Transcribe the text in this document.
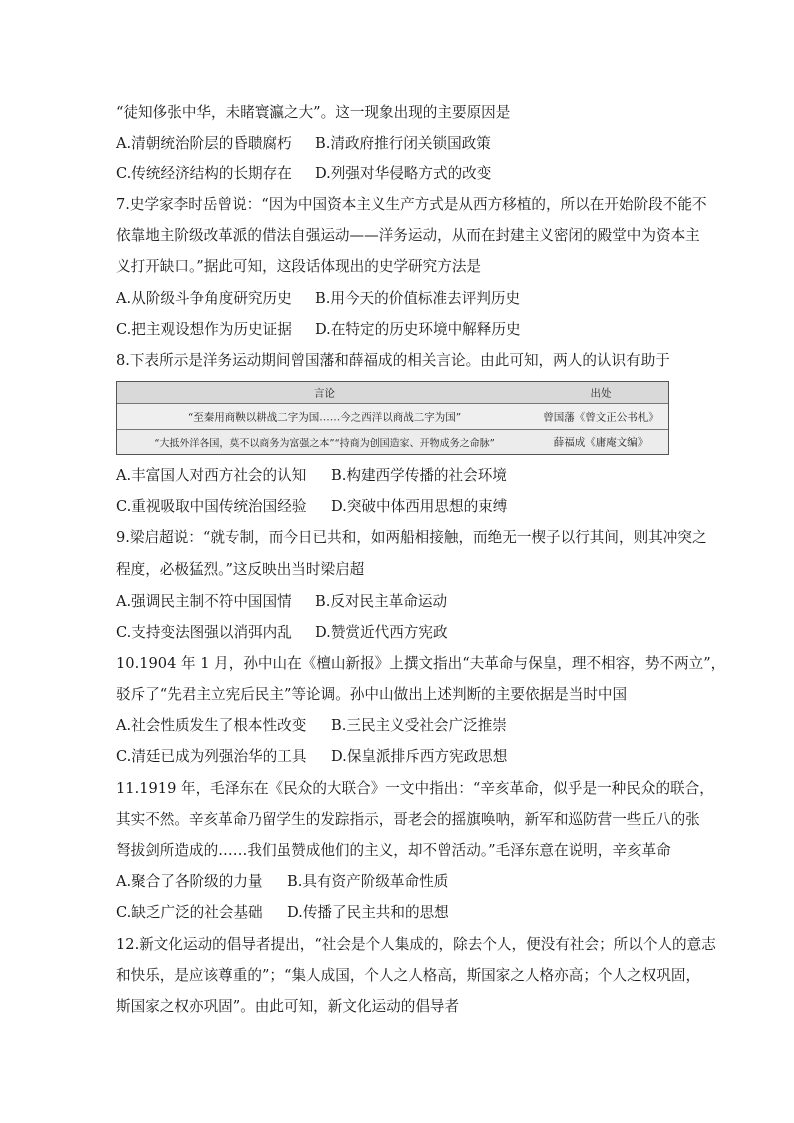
“徒知侈张中华，未睹寰瀛之大”。这一现象出现的主要原因是
A.清朝统治阶层的昏聩腐朽 B.清政府推行闭关锁国政策
C.传统经济结构的长期存在 D.列强对华侵略方式的改变
7.史学家李时岳曾说：“因为中国资本主义生产方式是从西方移植的，所以在开始阶段不能不
依靠地主阶级改革派的借法自强运动——洋务运动，从而在封建主义密闭的殿堂中为资本主
义打开缺口。”据此可知，这段话体现出的史学研究方法是
A.从阶级斗争角度研究历史 B.用今天的价值标准去评判历史
C.把主观设想作为历史证据 D.在特定的历史环境中解释历史
8.下表所示是洋务运动期间曾国藩和薛福成的相关言论。由此可知，两人的认识有助于
言论	出处
“至秦用商鞅以耕战二字为国……今之西洋以商战二字为国”	曾国藩《曾文正公书札》
“大抵外洋各国，莫不以商务为富强之本”“持商为创国造家、开物成务之命脉”	薛福成《庸庵文编》
A.丰富国人对西方社会的认知 B.构建西学传播的社会环境
C.重视吸取中国传统治国经验 D.突破中体西用思想的束缚
9.梁启超说：“就专制，而今日已共和，如两船相接触，而绝无一楔子以行其间，则其冲突之
程度，必极猛烈。”这反映出当时梁启超
A.强调民主制不符中国国情 B.反对民主革命运动
C.支持变法图强以消弭内乱 D.赞赏近代西方宪政
10.1904 年 1 月，孙中山在《檀山新报》上撰文指出“夫革命与保皇，理不相容，势不两立”，
驳斥了“先君主立宪后民主”等论调。孙中山做出上述判断的主要依据是当时中国
A.社会性质发生了根本性改变 B.三民主义受社会广泛推崇
C.清廷已成为列强治华的工具 D.保皇派排斥西方宪政思想
11.1919 年，毛泽东在《民众的大联合》一文中指出：“辛亥革命，似乎是一种民众的联合，
其实不然。辛亥革命乃留学生的发踪指示，哥老会的摇旗唤呐，新军和巡防营一些丘八的张
弩拔剑所造成的……我们虽赞成他们的主义，却不曾活动。”毛泽东意在说明，辛亥革命
A.聚合了各阶级的力量 B.具有资产阶级革命性质
C.缺乏广泛的社会基础 D.传播了民主共和的思想
12.新文化运动的倡导者提出，“社会是个人集成的，除去个人，便没有社会；所以个人的意志
和快乐，是应该尊重的”；“集人成国，个人之人格高，斯国家之人格亦高；个人之权巩固，
斯国家之权亦巩固”。由此可知，新文化运动的倡导者
